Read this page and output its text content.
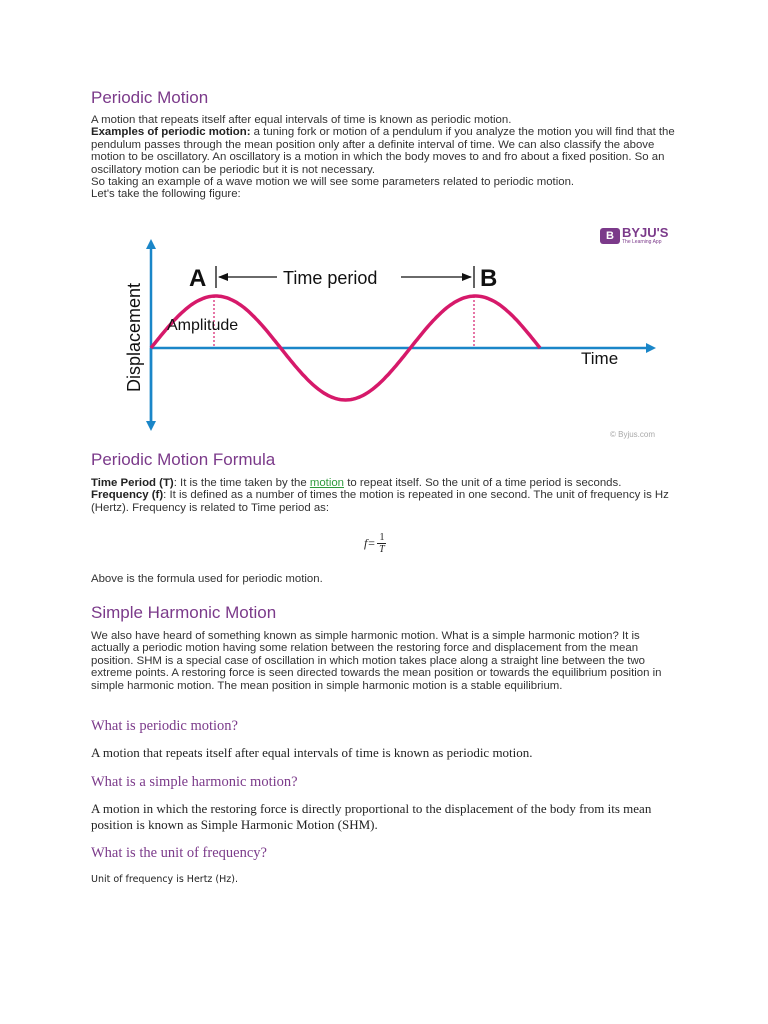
Periodic Motion
A motion that repeats itself after equal intervals of time is known as periodic motion.
Examples of periodic motion: a tuning fork or motion of a pendulum if you analyze the motion you will find that the pendulum passes through the mean position only after a definite interval of time. We can also classify the above motion to be oscillatory. An oscillatory is a motion in which the body moves to and fro about a fixed position. So an oscillatory motion can be periodic but it is not necessary.
So taking an example of a wave motion we will see some parameters related to periodic motion.
Let's take the following figure:
A	B
Time period
Amplitude
Displacement	Time
B BYJU'S
The Learning App
© Byjus.com
Periodic Motion Formula
Time Period (T): It is the time taken by the motion to repeat itself. So the unit of a time period is seconds.
Frequency (f): It is defined as a number of times the motion is repeated in one second. The unit of frequency is Hz (Hertz). Frequency is related to Time period as:
$f= \frac{1}{T}$
Above is the formula used for periodic motion.
Simple Harmonic Motion
We also have heard of something known as simple harmonic motion. What is a simple harmonic motion? It is actually a periodic motion having some relation between the restoring force and displacement from the mean position. SHM is a special case of oscillation in which motion takes place along a straight line between the two extreme points. A restoring force is seen directed towards the mean position or towards the equilibrium position in simple harmonic motion. The mean position in simple harmonic motion is a stable equilibrium.
What is periodic motion?
A motion that repeats itself after equal intervals of time is known as periodic motion.
What is a simple harmonic motion?
A motion in which the restoring force is directly proportional to the displacement of the body from its mean position is known as Simple Harmonic Motion (SHM).
What is the unit of frequency?
Unit of frequency is Hertz (Hz).
